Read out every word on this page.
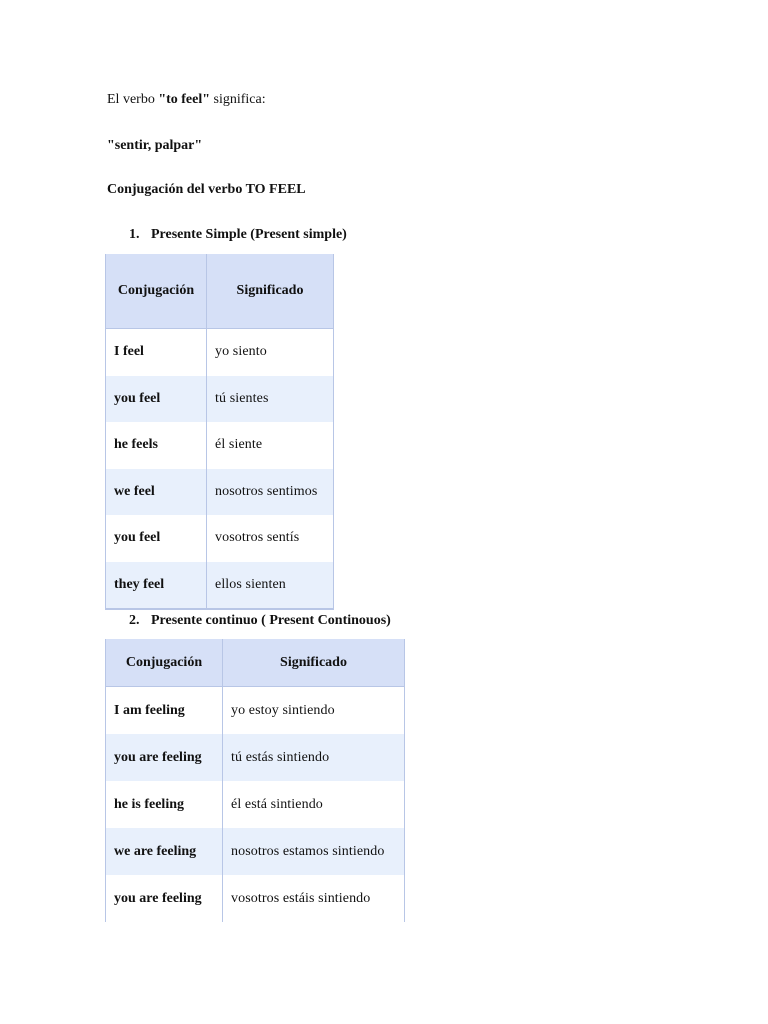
El verbo "to feel" significa:
"sentir, palpar"
Conjugación del verbo TO FEEL
1. Presente Simple (Present simple)
Conjugación	Significado
I feel	yo siento
you feel	tú sientes
he feels	él siente
we feel	nosotros sentimos
you feel	vosotros sentís
they feel	ellos sienten
2. Presente continuo ( Present Continouos)
Conjugación	Significado
I am feeling	yo estoy sintiendo
you are feeling	tú estás sintiendo
he is feeling	él está sintiendo
we are feeling	nosotros estamos sintiendo
you are feeling	vosotros estáis sintiendo
